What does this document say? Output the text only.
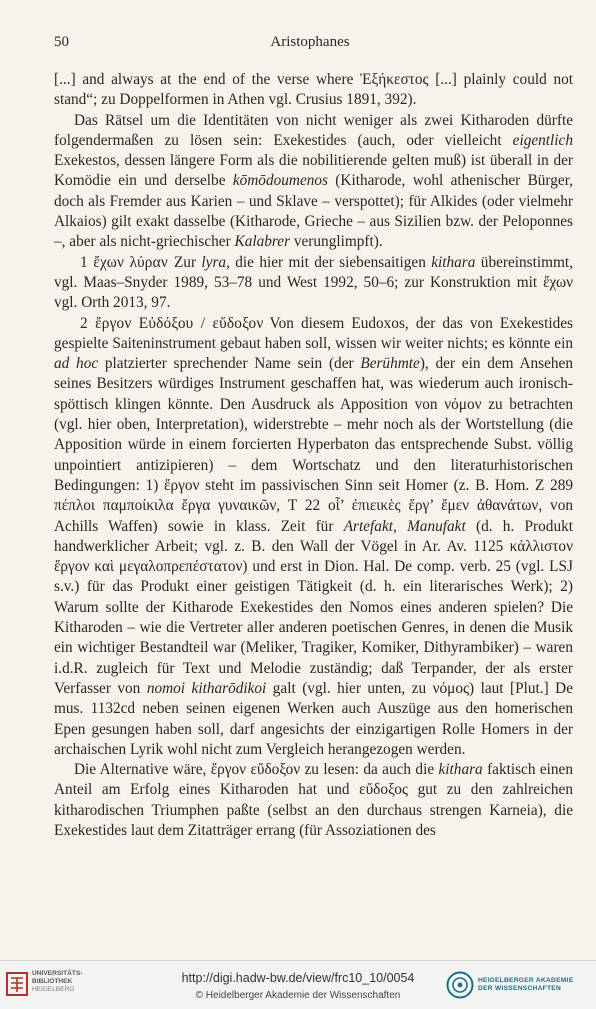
50	Aristophanes

[...] and always at the end of the verse where Ἐξήκεστος [...] plainly could not stand“; zu Doppelformen in Athen vgl. Crusius 1891, 392).

Das Rätsel um die Identitäten von nicht weniger als zwei Kitharoden dürfte folgendermaßen zu lösen sein: Exekestides (auch, oder vielleicht eigentlich Exekestos, dessen längere Form als die nobilitierende gelten muß) ist überall in der Komödie ein und derselbe kōmōdoumenos (Kitharode, wohl athenischer Bürger, doch als Fremder aus Karien – und Sklave – verspottet); für Alkides (oder vielmehr Alkaios) gilt exakt dasselbe (Kitharode, Grieche – aus Sizilien bzw. der Peloponnes –, aber als nicht-griechischer Kalabrer verunglimpft).

1 ἔχων λύραν Zur lyra, die hier mit der siebensaitigen kithara übereinstimmt, vgl. Maas–Snyder 1989, 53–78 und West 1992, 50–6; zur Konstruktion mit ἔχων vgl. Orth 2013, 97.

2 ἔργον Εὐδόξου / εὔδοξον Von diesem Eudoxos, der das von Exekestides gespielte Saiteninstrument gebaut haben soll, wissen wir weiter nichts; es könnte ein ad hoc platzierter sprechender Name sein (der Berühmte), der ein dem Ansehen seines Besitzers würdiges Instrument geschaffen hat, was wiederum auch ironisch-spöttisch klingen könnte. Den Ausdruck als Apposition von νόμον zu betrachten (vgl. hier oben, Interpretation), widerstrebte – mehr noch als der Wortstellung (die Apposition würde in einem forcierten Hyperbaton das entsprechende Subst. völlig unpointiert antizipieren) – dem Wortschatz und den literaturhistorischen Bedingungen: 1) ἔργον steht im passivischen Sinn seit Homer (z. B. Hom. Z 289 πέπλοι παμποίκιλα ἔργα γυναικῶν, T 22 οἷ’ ἐπιεικὲς ἔργ’ ἔμεν ἀθανάτων, von Achills Waffen) sowie in klass. Zeit für Artefakt, Manufakt (d. h. Produkt handwerklicher Arbeit; vgl. z. B. den Wall der Vögel in Ar. Av. 1125 κάλλιστον ἔργον καὶ μεγαλοπρεπέστατον) und erst in Dion. Hal. De comp. verb. 25 (vgl. LSJ s.v.) für das Produkt einer geistigen Tätigkeit (d. h. ein literarisches Werk); 2) Warum sollte der Kitharode Exekestides den Nomos eines anderen spielen? Die Kitharoden – wie die Vertreter aller anderen poetischen Genres, in denen die Musik ein wichtiger Bestandteil war (Meliker, Tragiker, Komiker, Dithyrambiker) – waren i.d.R. zugleich für Text und Melodie zuständig; daß Terpander, der als erster Verfasser von nomoi kitharōdikoi galt (vgl. hier unten, zu νόμος) laut [Plut.] De mus. 1132cd neben seinen eigenen Werken auch Auszüge aus den homerischen Epen gesungen haben soll, darf angesichts der einzigartigen Rolle Homers in der archaischen Lyrik wohl nicht zum Vergleich herangezogen werden.

Die Alternative wäre, ἔργον εὔδοξον zu lesen: da auch die kithara faktisch einen Anteil am Erfolg eines Kitharoden hat und εὔδοξος gut zu den zahlreichen kitharodischen Triumphen paßte (selbst an den durchaus strengen Karneia), die Exekestides laut dem Zitatträger errang (für Assoziationen des

UNIVERSITÄTS-
BIBLIOTHEK
HEIDELBERG
http://digi.hadw-bw.de/view/frc10_10/0054
© Heidelberger Akademie der Wissenschaften
HEIDELBERGER AKADEMIE
DER WISSENSCHAFTEN
